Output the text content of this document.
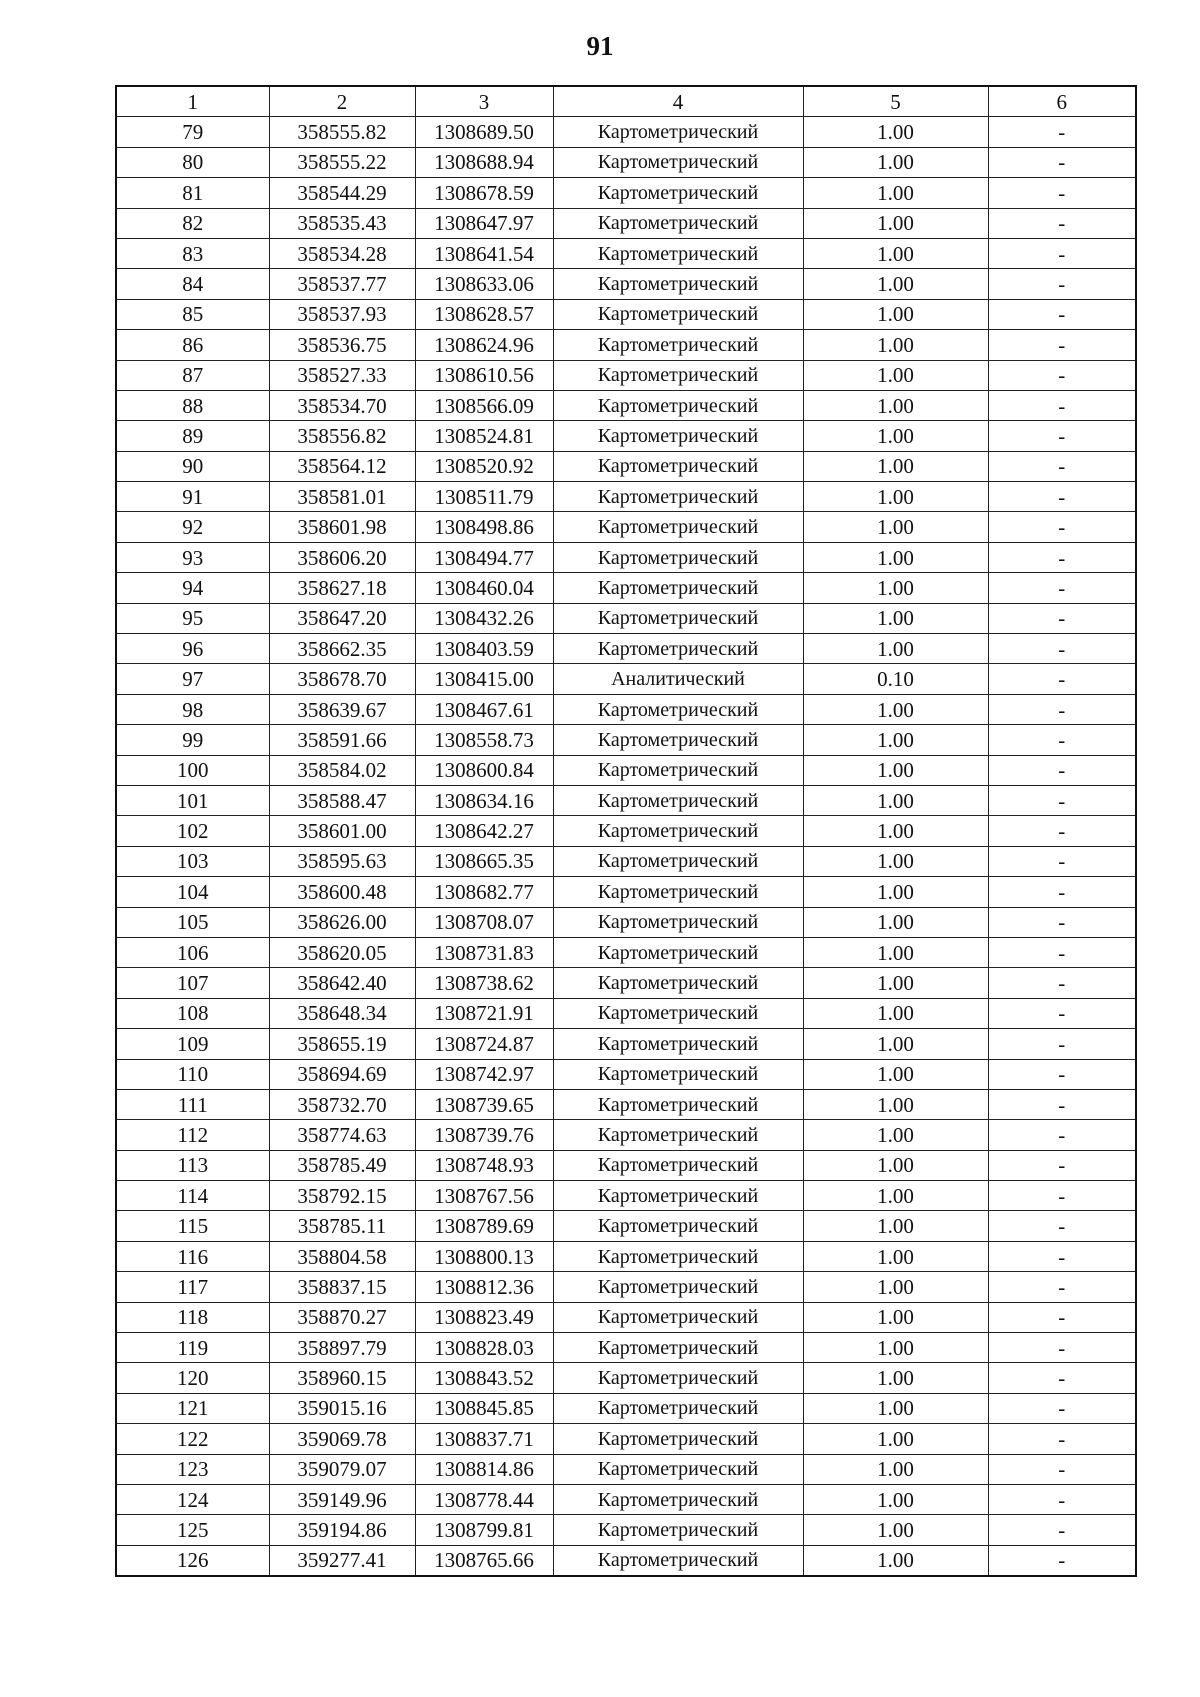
91
1	2	3	4	5	6
79	358555.82	1308689.50	Картометрический	1.00	-
80	358555.22	1308688.94	Картометрический	1.00	-
81	358544.29	1308678.59	Картометрический	1.00	-
82	358535.43	1308647.97	Картометрический	1.00	-
83	358534.28	1308641.54	Картометрический	1.00	-
84	358537.77	1308633.06	Картометрический	1.00	-
85	358537.93	1308628.57	Картометрический	1.00	-
86	358536.75	1308624.96	Картометрический	1.00	-
87	358527.33	1308610.56	Картометрический	1.00	-
88	358534.70	1308566.09	Картометрический	1.00	-
89	358556.82	1308524.81	Картометрический	1.00	-
90	358564.12	1308520.92	Картометрический	1.00	-
91	358581.01	1308511.79	Картометрический	1.00	-
92	358601.98	1308498.86	Картометрический	1.00	-
93	358606.20	1308494.77	Картометрический	1.00	-
94	358627.18	1308460.04	Картометрический	1.00	-
95	358647.20	1308432.26	Картометрический	1.00	-
96	358662.35	1308403.59	Картометрический	1.00	-
97	358678.70	1308415.00	Аналитический	0.10	-
98	358639.67	1308467.61	Картометрический	1.00	-
99	358591.66	1308558.73	Картометрический	1.00	-
100	358584.02	1308600.84	Картометрический	1.00	-
101	358588.47	1308634.16	Картометрический	1.00	-
102	358601.00	1308642.27	Картометрический	1.00	-
103	358595.63	1308665.35	Картометрический	1.00	-
104	358600.48	1308682.77	Картометрический	1.00	-
105	358626.00	1308708.07	Картометрический	1.00	-
106	358620.05	1308731.83	Картометрический	1.00	-
107	358642.40	1308738.62	Картометрический	1.00	-
108	358648.34	1308721.91	Картометрический	1.00	-
109	358655.19	1308724.87	Картометрический	1.00	-
110	358694.69	1308742.97	Картометрический	1.00	-
111	358732.70	1308739.65	Картометрический	1.00	-
112	358774.63	1308739.76	Картометрический	1.00	-
113	358785.49	1308748.93	Картометрический	1.00	-
114	358792.15	1308767.56	Картометрический	1.00	-
115	358785.11	1308789.69	Картометрический	1.00	-
116	358804.58	1308800.13	Картометрический	1.00	-
117	358837.15	1308812.36	Картометрический	1.00	-
118	358870.27	1308823.49	Картометрический	1.00	-
119	358897.79	1308828.03	Картометрический	1.00	-
120	358960.15	1308843.52	Картометрический	1.00	-
121	359015.16	1308845.85	Картометрический	1.00	-
122	359069.78	1308837.71	Картометрический	1.00	-
123	359079.07	1308814.86	Картометрический	1.00	-
124	359149.96	1308778.44	Картометрический	1.00	-
125	359194.86	1308799.81	Картометрический	1.00	-
126	359277.41	1308765.66	Картометрический	1.00	-
